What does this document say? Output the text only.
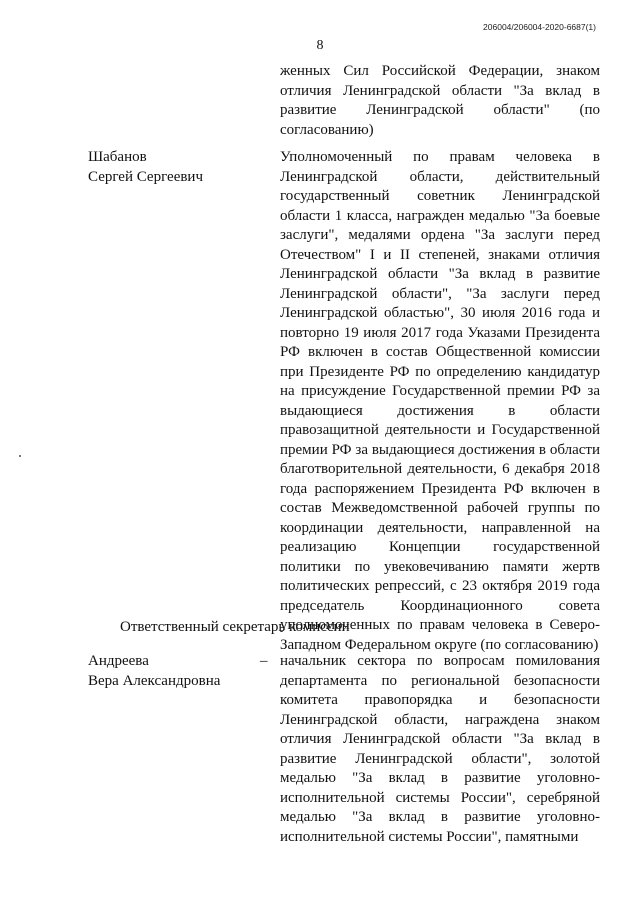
206004/206004-2020-6687(1)
8
женных Сил Российской Федерации, знаком отличия Ленинградской области "За вклад в развитие Ленинградской области" (по согласованию)
Шабанов
Сергей Сергеевич
Уполномоченный по правам человека в Ленинградской области, действительный государственный советник Ленинградской области 1 класса, награжден медалью "За боевые заслуги", медалями ордена "За заслуги перед Отечеством" I и II степеней, знаками отличия Ленинградской области "За вклад в развитие Ленинградской области", "За заслуги перед Ленинградской областью", 30 июля 2016 года и повторно 19 июля 2017 года Указами Президента РФ включен в состав Общественной комиссии при Президенте РФ по определению кандидатур на присуждение Государственной премии РФ за выдающиеся достижения в области правозащитной деятельности и Государственной премии РФ за выдающиеся достижения в области благотворительной деятельности, 6 декабря 2018 года распоряжением Президента РФ включен в состав Межведомственной рабочей группы по координации деятельности, направленной на реализацию Концепции государственной политики по увековечиванию памяти жертв политических репрессий, с 23 октября 2019 года председатель Координационного совета уполномоченных по правам человека в Северо-Западном Федеральном округе (по согласованию)
Ответственный секретарь комиссии
Андреева
Вера Александровна
– начальник сектора по вопросам помилования департамента по региональной безопасности комитета правопорядка и безопасности Ленинградской области, награждена знаком отличия Ленинградской области "За вклад в развитие Ленинградской области", золотой медалью "За вклад в развитие уголовно-исполнительной системы России", серебряной медалью "За вклад в развитие уголовно-исполнительной системы России", памятными
